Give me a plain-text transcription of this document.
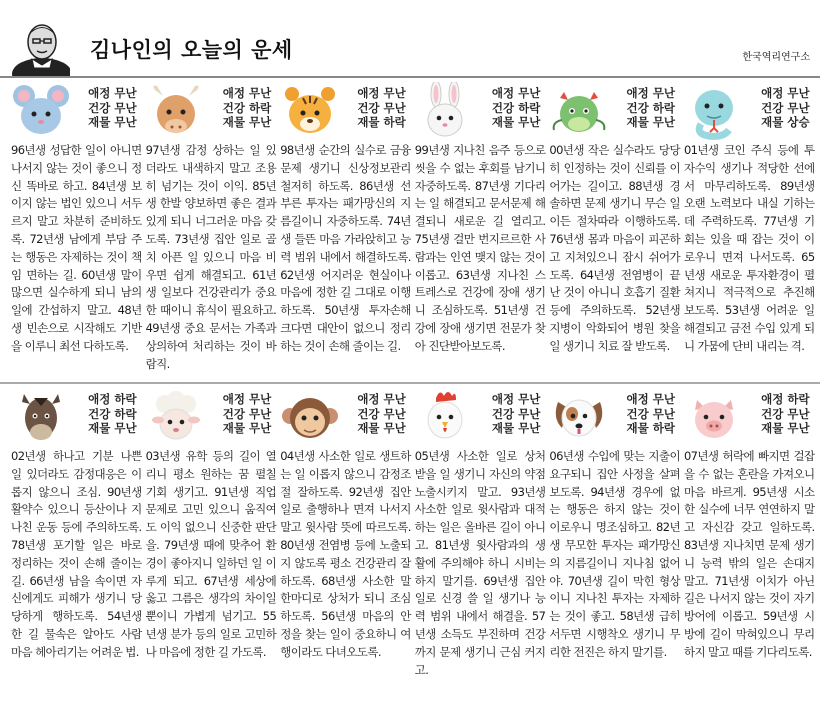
김나인의 오늘의 운세	한국역리연구소
애정 무난
건강 무난
재물 무난
96년생 성답한 일이 아니면 나서지 않는 것이 좋으니 정신 똑바로 하고. 84년생 보이지 않는 법인 있으니 서두르지 말고 차분히 준비하도록. 72년생 남에게 부담 주는 행동은 자제하는 것이 책임 면하는 길. 60년생 말이 많으면 실수하게 되니 남의 일에 간섭하지 말고. 48년생 빈손으로 시작해도 기반을 이루니 최선 다하도록.
애정 무난
건강 하락
재물 무난
97년생 감정 상하는 일 있더라도 내색하지 말고 조용히 넘기는 것이 이익. 85년생 한발 양보하면 좋은 결과 있게 되니 너그러운 마음 갖도록. 73년생 집안 일로 골치 아픈 일 있으니 마음 비우면 쉽게 해결되고. 61년생 일보다 건강관리가 중요한 때이니 휴식이 필요하고. 49년생 중요 문서는 가족과 상의하여 처리하는 것이 바람직.
애정 무난
건강 무난
재물 하락
98년생 순간의 실수로 금융문제 생기니 신상정보관리 철저히 하도록. 86년생 선부른 투자는 패가망신의 지름길이니 자중하도록. 74년생 들뜬 마음 가라앉히고 능력 범위 내에서 해결하도록. 62년생 어지러운 현실이나 마음에 정한 길 그대로 이행하도록. 50년생 투자손해 크다면 대안이 없으니 정리하는 것이 손해 줄이는 길.
애정 무난
건강 하락
재물 무난
99년생 지나친 음주 등으로 씻을 수 없는 후회를 남기니 자중하도록. 87년생 기다리는 일 해결되고 문서문제 해결되니 새로운 길 열리고. 75년생 걸만 번지르르한 사람과는 인연 맺지 않는 것이 이롭고. 63년생 지나친 스트레스로 건강에 장애 생기니 조심하도록. 51년생 건강에 장애 생기면 전문가 찾아 진단받아보도록.
애정 무난
건강 하락
재물 무난
00년생 작은 실수라도 당당히 인정하는 것이 신뢰를 이어가는 길이고. 88년생 경솔하면 문제 생기니 무슨 일이든 절차따라 이행하도록. 76년생 몸과 마음이 피곤하고 지쳐있으니 잠시 쉬어가도록. 64년생 전염병이 끝난 것이 아니니 호흡기 질환 등에 주의하도록. 52년생 지병이 악화되어 병원 찾을 일 생기니 치료 잘 받도록.
애정 무난
건강 무난
재물 상승
01년생 코인 주식 등에 투자수익 생기나 적당한 선에서 마무리하도록. 89년생 오랜 노력보다 내실 기하는데 주력하도록. 77년생 기회는 있을 때 잡는 것이 이로우니 면져 나서도록. 65년생 새로운 투자환경이 펼쳐지니 적극적으로 추진해 보도록. 53년생 어려운 일 해결되고 금전 수입 있게 되니 가뭄에 단비 내리는 격.
애정 하락
건강 하락
재물 무난
02년생 하나고 기분 나쁜 일 있더라도 감정대응은 이롭지 않으니 조심. 90년생 활약수 있으니 등산이나 지나친 운동 등에 주의하도록. 78년생 포기할 일은 바로 정리하는 것이 손해 줄이는 길. 66년생 남을 속이면 자신에게도 피해가 생기니 당당하게 행하도록. 54년생 한 길 물속은 알아도 사람 마음 헤아리기는 어려운 법.
애정 무난
건강 무난
재물 무난
03년생 유학 등의 길이 열리니 평소 원하는 꿈 펼칠 기회 생기고. 91년생 직업 문제로 고민 있으니 움직여도 이익 없으니 신중한 판단을. 79년생 때에 맞추어 환경이 좋아지니 일하던 일 이루게 되고. 67년생 세상에 옳고 그름은 생각의 차이일 뿐이니 가볍게 넘기고. 55년생 분가 등의 일로 고민하나 마음에 정한 길 가도록.
애정 무난
건강 무난
재물 무난
04년생 사소한 일로 생트하는 일 이롭지 않으니 감정조절 잘하도록. 92년생 집안일로 출행하나 면져 나서지 말고 윗사람 뜻에 따르도록. 80년생 전염병 등에 노출되지 않도록 평소 건강관리 잘하도록. 68년생 사소한 말 한마디로 상처가 되니 조심하도록. 56년생 마음의 안정을 찾는 일이 중요하니 여행이라도 다녀오도록.
애정 무난
건강 무난
재물 무난
05년생 사소한 일로 상처 받을 일 생기니 자신의 약점 노출시키지 말고. 93년생 사소한 일로 윗사람과 대적하는 일은 올바른 길이 아니고. 81년생 윗사람과의 생활에 주의해야 하니 시비는 하지 말기를. 69년생 집안일로 신경 쓸 일 생기나 능력 범위 내에서 해결을. 57년생 소득도 부진하며 건강까지 문제 생기니 근심 커지고.
애정 무난
건강 무난
재물 하락
06년생 수입에 맞는 지출이 요구되니 집안 사정을 살펴보도록. 94년생 경우에 없는 행동은 하지 않는 것이 이로우니 명조심하고. 82년생 무모한 투자는 패가망신의 지름길이니 지나침 없어야. 70년생 길이 막힌 형상이니 지나친 투자는 자제하는 것이 좋고. 58년생 급히 서두면 시행착오 생기니 무리한 전진은 하지 말기를.
애정 하락
건강 무난
재물 무난
07년생 허락에 빠지면 걸잡을 수 없는 혼란을 가져오니 마음 바르게. 95년생 시소한 실수에 너무 연연하지 말고 자신감 갖고 일하도록. 83년생 지나치면 문제 생기니 능력 밖의 일은 손대지 말고. 71년생 이치가 아닌 길은 나서지 않는 것이 자기방어에 이롭고. 59년생 시방에 길이 막혀있으니 무리하지 말고 때를 기다리도록.
